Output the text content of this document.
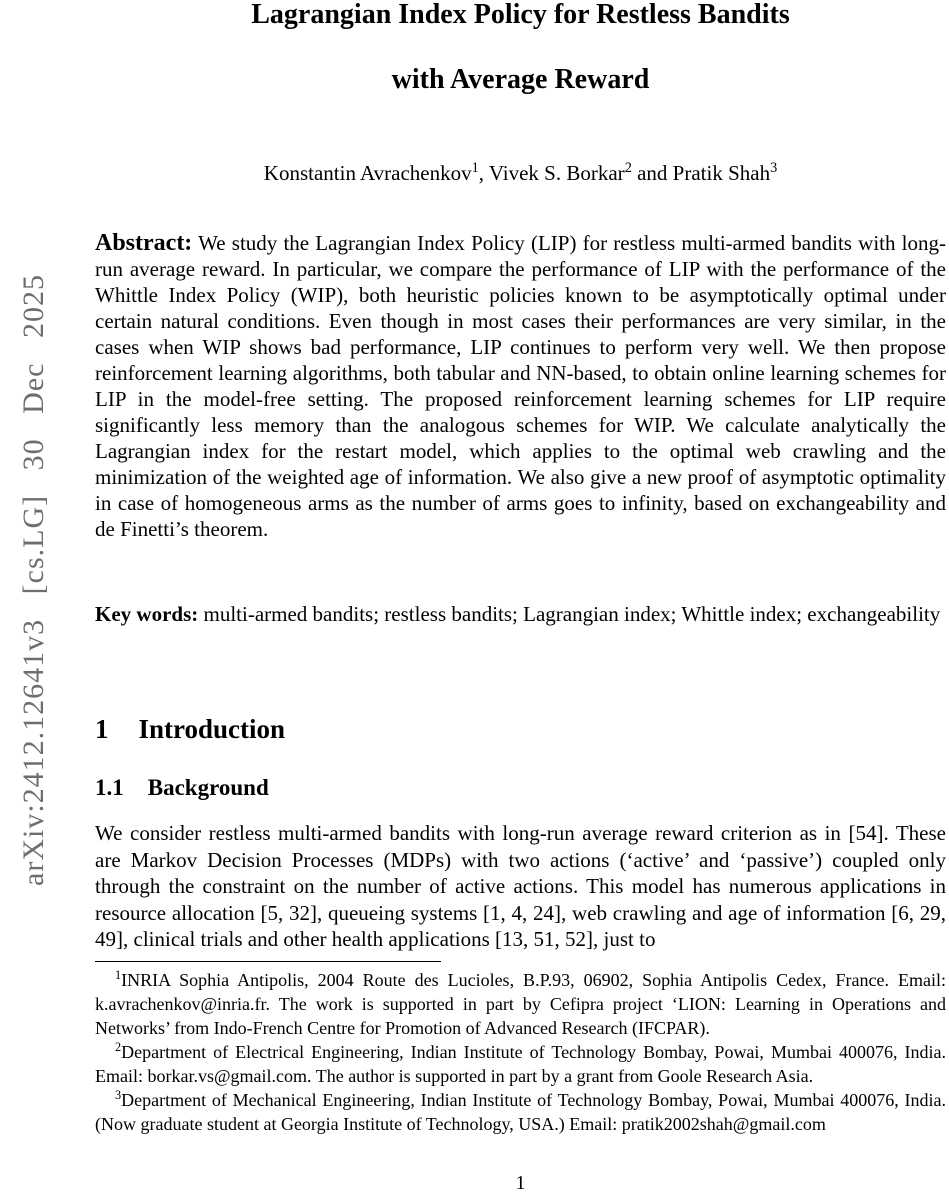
arXiv:2412.12641v3 [cs.LG] 30 Dec 2025
Lagrangian Index Policy for Restless Bandits
with Average Reward
Konstantin Avrachenkov$^1$, Vivek S. Borkar$^2$ and Pratik Shah$^3$
Abstract: We study the Lagrangian Index Policy (LIP) for restless multi-armed bandits with long-run average reward. In particular, we compare the performance of LIP with the performance of the Whittle Index Policy (WIP), both heuristic policies known to be asymptotically optimal under certain natural conditions. Even though in most cases their performances are very similar, in the cases when WIP shows bad performance, LIP continues to perform very well. We then propose reinforcement learning algorithms, both tabular and NN-based, to obtain online learning schemes for LIP in the model-free setting. The proposed reinforcement learning schemes for LIP require significantly less memory than the analogous schemes for WIP. We calculate analytically the Lagrangian index for the restart model, which applies to the optimal web crawling and the minimization of the weighted age of information. We also give a new proof of asymptotic optimality in case of homogeneous arms as the number of arms goes to infinity, based on exchangeability and de Finetti’s theorem.
Key words: multi-armed bandits; restless bandits; Lagrangian index; Whittle index; exchangeability
1 Introduction
1.1 Background
We consider restless multi-armed bandits with long-run average reward criterion as in [54]. These are Markov Decision Processes (MDPs) with two actions (‘active’ and ‘passive’) coupled only through the constraint on the number of active actions. This model has numerous applications in resource allocation [5, 32], queueing systems [1, 4, 24], web crawling and age of information [6, 29, 49], clinical trials and other health applications [13, 51, 52], just to

$^1$INRIA Sophia Antipolis, 2004 Route des Lucioles, B.P.93, 06902, Sophia Antipolis Cedex, France. Email: k.avrachenkov@inria.fr. The work is supported in part by Cefipra project ‘LION: Learning in Operations and Networks’ from Indo-French Centre for Promotion of Advanced Research (IFCPAR).

$^2$Department of Electrical Engineering, Indian Institute of Technology Bombay, Powai, Mumbai 400076, India. Email: borkar.vs@gmail.com. The author is supported in part by a grant from Goole Research Asia.

$^3$Department of Mechanical Engineering, Indian Institute of Technology Bombay, Powai, Mumbai 400076, India. (Now graduate student at Georgia Institute of Technology, USA.) Email: pratik2002shah@gmail.com

1
